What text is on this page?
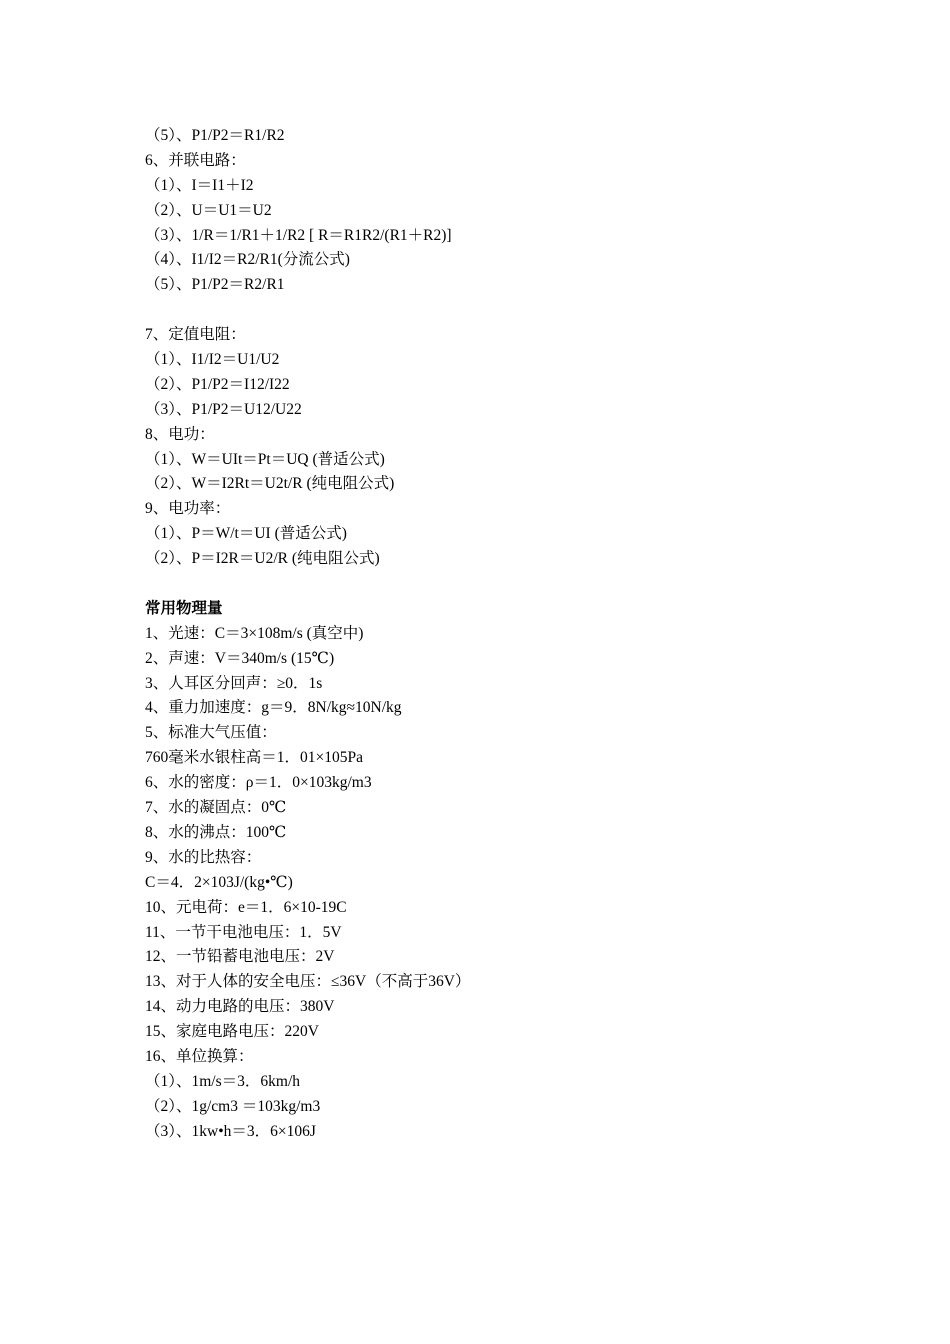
（5）、P1/P2＝R1/R2
6、并联电路：
（1）、I＝I1＋I2
（2）、U＝U1＝U2
（3）、1/R＝1/R1＋1/R2 [ R＝R1R2/(R1＋R2)]
（4）、I1/I2＝R2/R1(分流公式)
（5）、P1/P2＝R2/R1
7、定值电阻：
（1）、I1/I2＝U1/U2
（2）、P1/P2＝I12/I22
（3）、P1/P2＝U12/U22
8、电功：
（1）、W＝UIt＝Pt＝UQ (普适公式)
（2）、W＝I2Rt＝U2t/R (纯电阻公式)
9、电功率：
（1）、P＝W/t＝UI (普适公式)
（2）、P＝I2R＝U2/R (纯电阻公式)
常用物理量
1、光速：C＝3×108m/s (真空中)
2、声速：V＝340m/s (15℃)
3、人耳区分回声：≥0．1s
4、重力加速度：g＝9．8N/kg≈10N/kg
5、标准大气压值：
760毫米水银柱高＝1．01×105Pa
6、水的密度：ρ＝1．0×103kg/m3
7、水的凝固点：0℃
8、水的沸点：100℃
9、水的比热容：
C＝4．2×103J/(kg•℃)
10、元电荷：e＝1．6×10-19C
11、一节干电池电压：1．5V
12、一节铅蓄电池电压：2V
13、对于人体的安全电压：≤36V（不高于36V）
14、动力电路的电压：380V
15、家庭电路电压：220V
16、单位换算：
（1）、1m/s＝3．6km/h
（2）、1g/cm3 ＝103kg/m3
（3）、1kw•h＝3．6×106J
